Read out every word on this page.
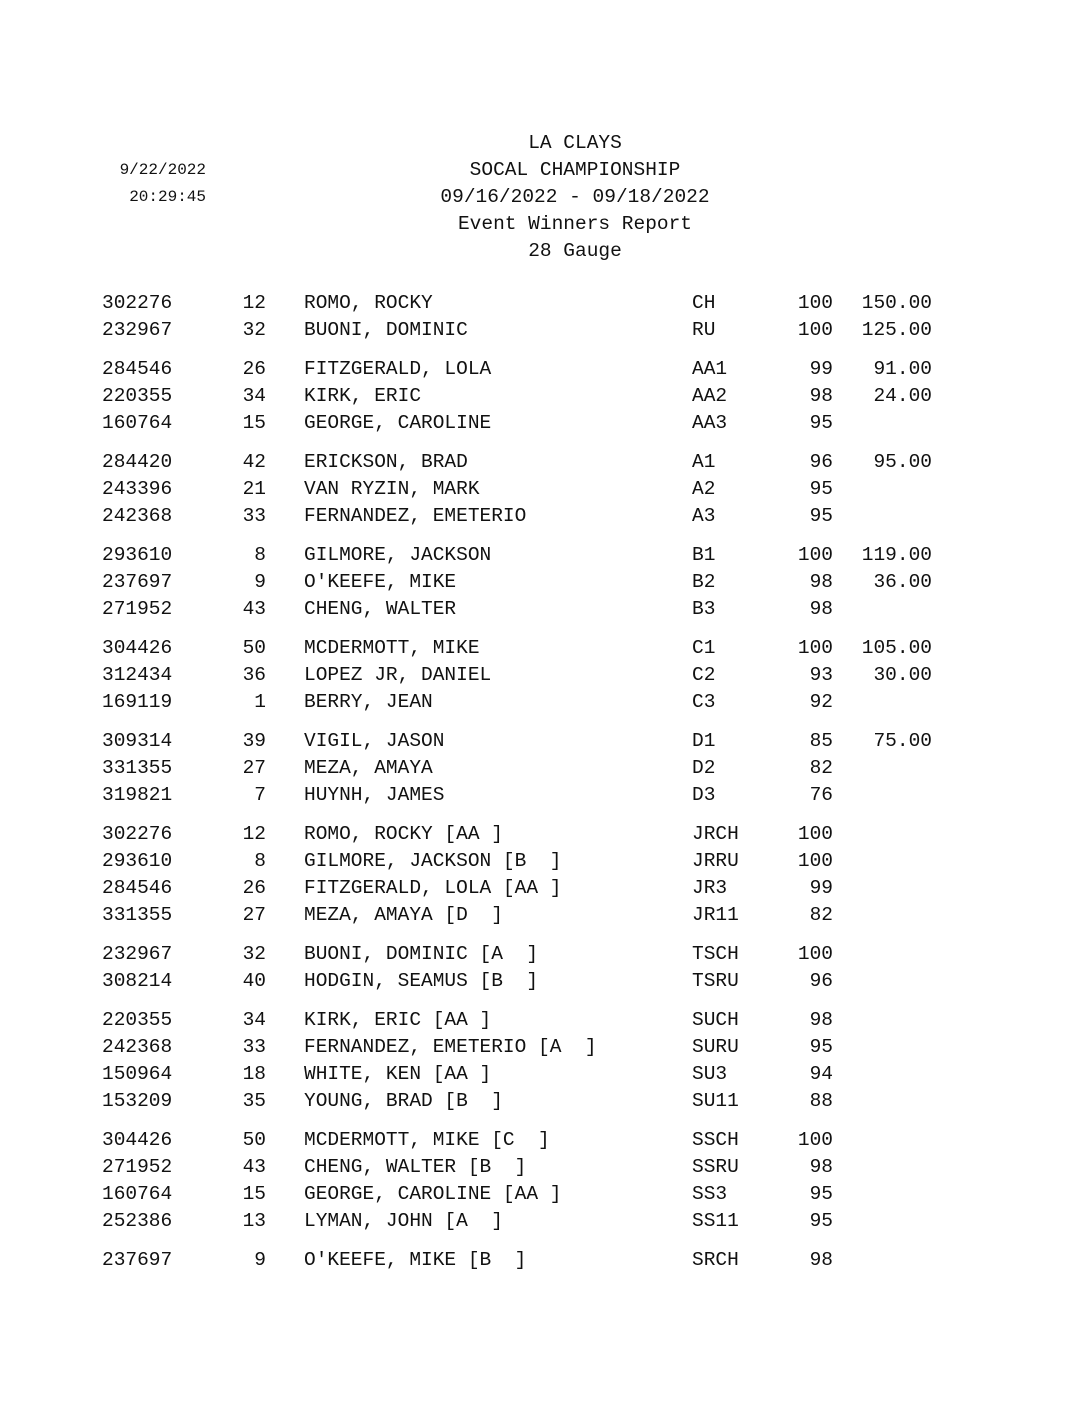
9/22/2022
20:29:45
LA CLAYS
SOCAL CHAMPIONSHIP
09/16/2022 - 09/18/2022
Event Winners Report
28 Gauge
302276	12 ROMO, ROCKY	CH	100	150.00
232967	32 BUONI, DOMINIC	RU	100	125.00
284546	26 FITZGERALD, LOLA	AA1	99	91.00
220355	34 KIRK, ERIC	AA2	98	24.00
160764	15 GEORGE, CAROLINE	AA3	95
284420	42 ERICKSON, BRAD	A1	96	95.00
243396	21 VAN RYZIN, MARK	A2	95
242368	33 FERNANDEZ, EMETERIO	A3	95
293610	8 GILMORE, JACKSON	B1	100	119.00
237697	9 O'KEEFE, MIKE	B2	98	36.00
271952	43 CHENG, WALTER	B3	98
304426	50 MCDERMOTT, MIKE	C1	100	105.00
312434	36 LOPEZ JR, DANIEL	C2	93	30.00
169119	1 BERRY, JEAN	C3	92
309314	39 VIGIL, JASON	D1	85	75.00
331355	27 MEZA, AMAYA	D2	82
319821	7 HUYNH, JAMES	D3	76
302276	12 ROMO, ROCKY [AA ]	JRCH	100
293610	8 GILMORE, JACKSON [B  ]	JRRU	100
284546	26 FITZGERALD, LOLA [AA ]	JR3	99
331355	27 MEZA, AMAYA [D  ]	JR11	82
232967	32 BUONI, DOMINIC [A  ]	TSCH	100
308214	40 HODGIN, SEAMUS [B  ]	TSRU	96
220355	34 KIRK, ERIC [AA ]	SUCH	98
242368	33 FERNANDEZ, EMETERIO [A  ]	SURU	95
150964	18 WHITE, KEN [AA ]	SU3	94
153209	35 YOUNG, BRAD [B  ]	SU11	88
304426	50 MCDERMOTT, MIKE [C  ]	SSCH	100
271952	43 CHENG, WALTER [B  ]	SSRU	98
160764	15 GEORGE, CAROLINE [AA ]	SS3	95
252386	13 LYMAN, JOHN [A  ]	SS11	95
237697	9 O'KEEFE, MIKE [B  ]	SRCH	98
